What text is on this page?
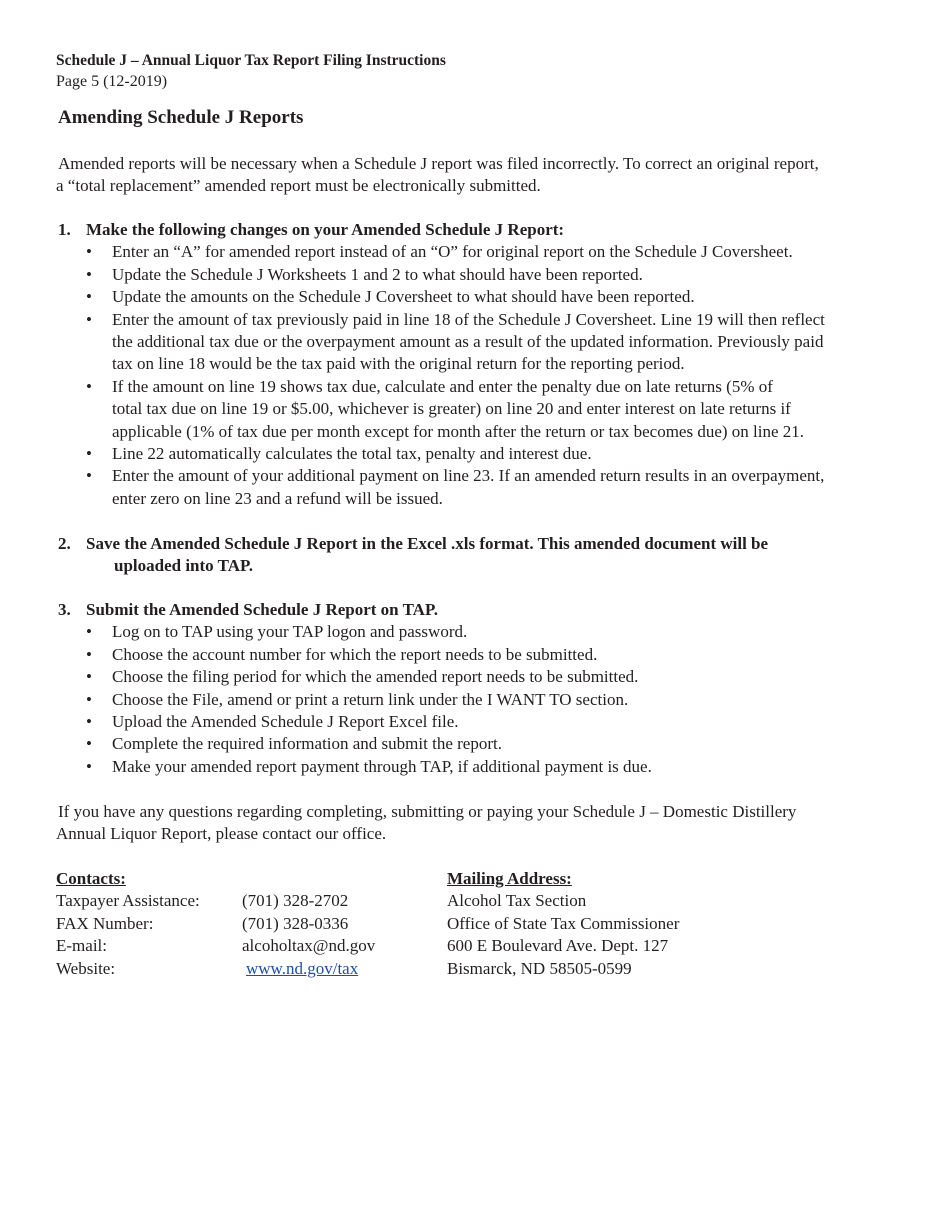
Schedule J – Annual Liquor Tax Report Filing Instructions
Page 5 (12-2019)
Amending Schedule J Reports
Amended reports will be necessary when a Schedule J report was filed incorrectly. To correct an original report,
a “total replacement” amended report must be electronically submitted.
1. Make the following changes on your Amended Schedule J Report:
•	Enter an “A” for amended report instead of an “O” for original report on the Schedule J Coversheet.
•	Update the Schedule J Worksheets 1 and 2 to what should have been reported.
•	Update the amounts on the Schedule J Coversheet to what should have been reported.
•	Enter the amount of tax previously paid in line 18 of the Schedule J Coversheet. Line 19 will then reflect
the additional tax due or the overpayment amount as a result of the updated information. Previously paid
tax on line 18 would be the tax paid with the original return for the reporting period.
•	If the amount on line 19 shows tax due, calculate and enter the penalty due on late returns (5% of
total tax due on line 19 or $5.00, whichever is greater) on line 20 and enter interest on late returns if
applicable (1% of tax due per month except for month after the return or tax becomes due) on line 21.
•	Line 22 automatically calculates the total tax, penalty and interest due.
•	Enter the amount of your additional payment on line 23. If an amended return results in an overpayment,
enter zero on line 23 and a refund will be issued.
2. Save the Amended Schedule J Report in the Excel .xls format. This amended document will be
uploaded into TAP.
3. Submit the Amended Schedule J Report on TAP.
•	Log on to TAP using your TAP logon and password.
•	Choose the account number for which the report needs to be submitted.
•	Choose the filing period for which the amended report needs to be submitted.
•	Choose the File, amend or print a return link under the I WANT TO section.
•	Upload the Amended Schedule J Report Excel file.
•	Complete the required information and submit the report.
•	Make your amended report payment through TAP, if additional payment is due.
If you have any questions regarding completing, submitting or paying your Schedule J – Domestic Distillery
Annual Liquor Report, please contact our office.
Contacts:
Taxpayer Assistance:	(701) 328-2702
FAX Number:	(701) 328-0336
E-mail:	alcoholtax@nd.gov
Website:	www.nd.gov/tax
Mailing Address:
Alcohol Tax Section
Office of State Tax Commissioner
600 E Boulevard Ave. Dept. 127
Bismarck, ND 58505-0599
